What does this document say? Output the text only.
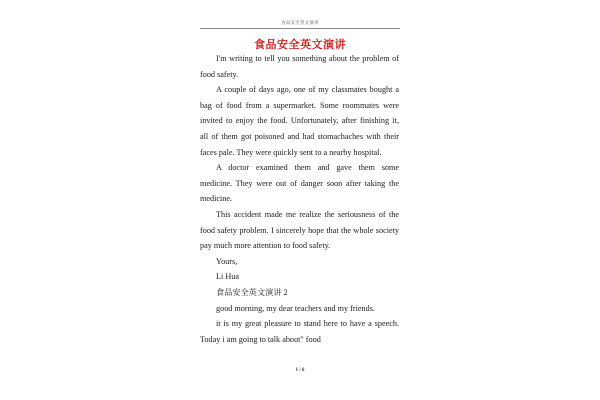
食品安全英文演讲
食品安全英文演讲

I'm writing to tell you something about the problem of food safety.

A couple of days ago, one of my classmates bought a bag of food from a supermarket. Some roommates were invited to enjoy the food. Unfortunately, after finishing it, all of them got poisoned and had stomachaches with their faces pale. They were quickly sent to a nearby hospital.

A doctor examined them and gave them some medicine. They were out of danger soon after taking the medicine.

This accident made me realize the seriousness of the food safety problem. I sincerely hope that the whole society pay much more attention to food safety.

Yours,

Li Hua

食品安全英文演讲 2

good morning, my dear teachers and my friends.

it is my great pleasure to stand here to have a speech. Today i am going to talk about" food

1 / 6
